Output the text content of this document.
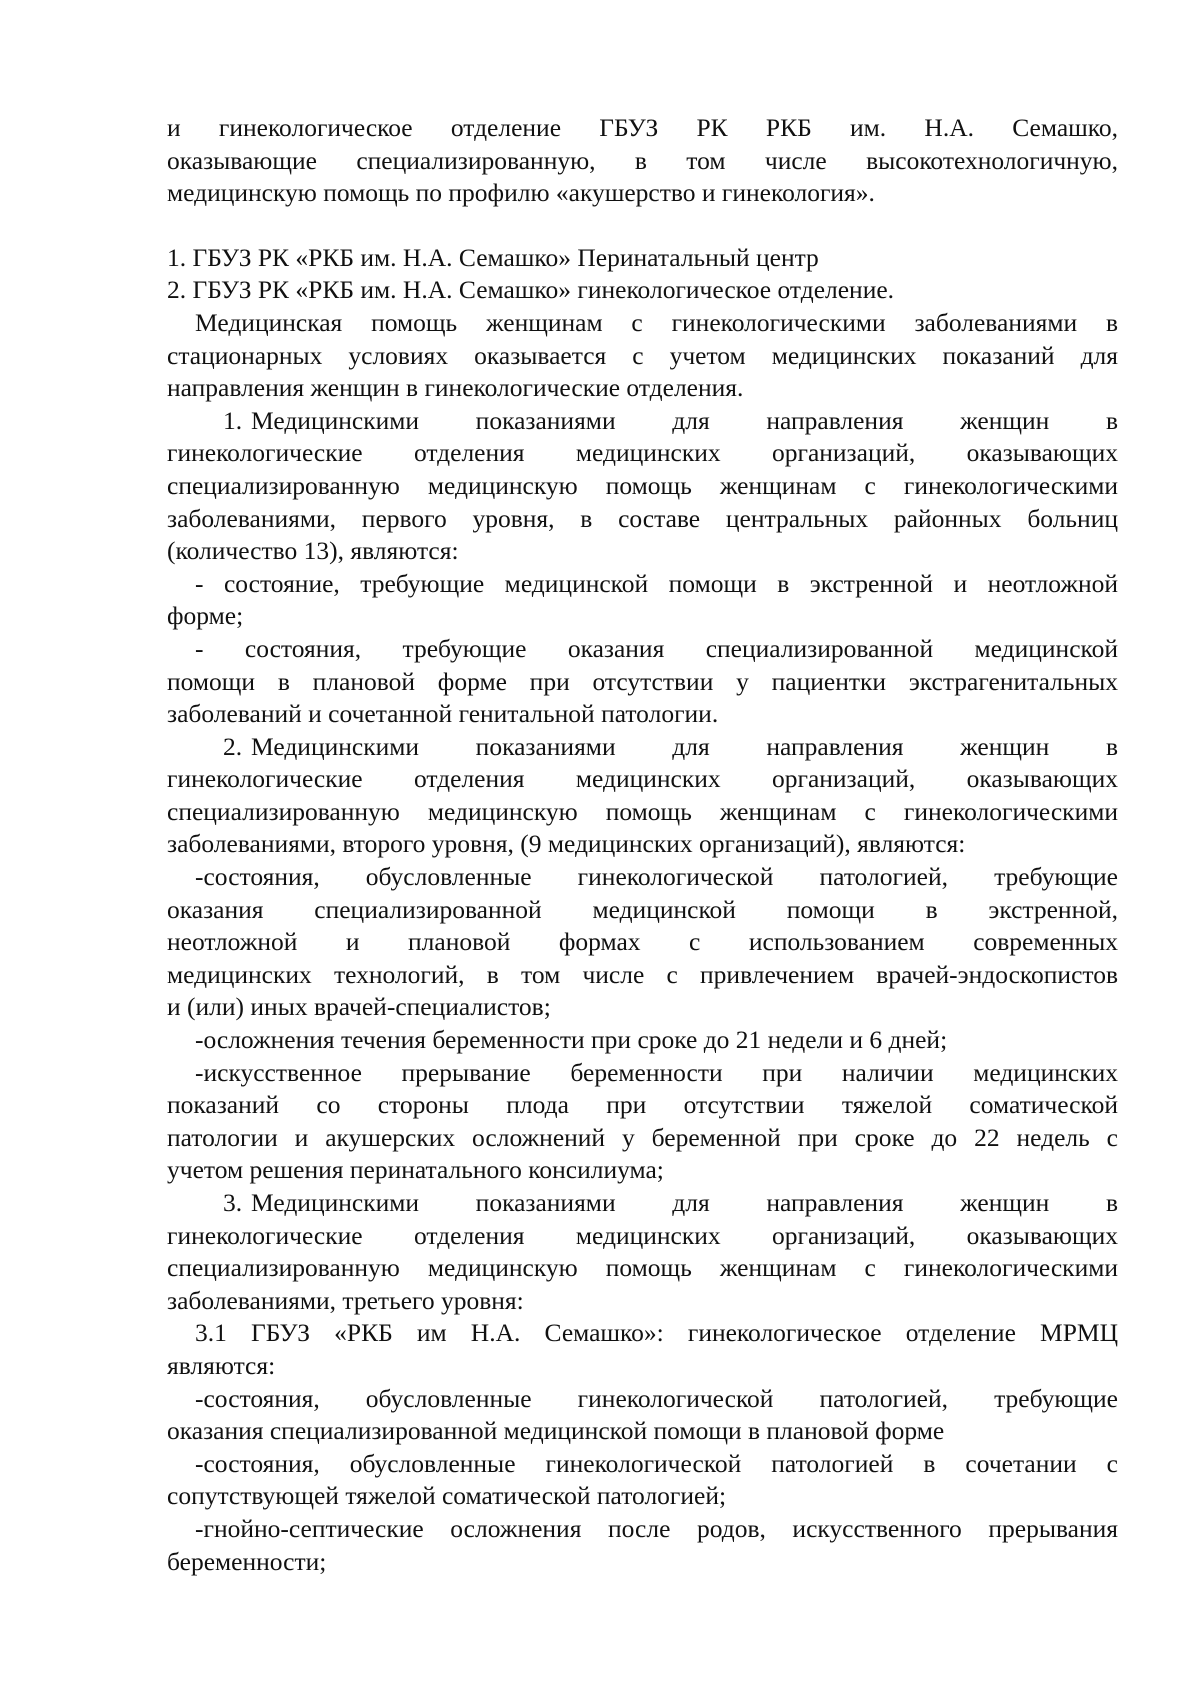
и гинекологическое отделение ГБУЗ РК РКБ им. Н.А. Семашко,

оказывающие специализированную, в том числе высокотехнологичную,

медицинскую помощь по профилю «акушерство и гинекология».

1. ГБУЗ РК «РКБ им. Н.А. Семашко» Перинатальный центр

2. ГБУЗ РК «РКБ им. Н.А. Семашко» гинекологическое отделение.

Медицинская помощь женщинам с гинекологическими заболеваниями в

стационарных условиях оказывается с учетом медицинских показаний для

направления женщин в гинекологические отделения.

1. Медицинскими показаниями для направления женщин в

гинекологические отделения медицинских организаций, оказывающих

специализированную медицинскую помощь женщинам с гинекологическими

заболеваниями, первого уровня, в составе центральных районных больниц

(количество 13), являются:

- состояние, требующие медицинской помощи в экстренной и неотложной

форме;

- состояния, требующие оказания специализированной медицинской

помощи в плановой форме при отсутствии у пациентки экстрагенитальных

заболеваний и сочетанной генитальной патологии.

2. Медицинскими показаниями для направления женщин в

гинекологические отделения медицинских организаций, оказывающих

специализированную медицинскую помощь женщинам с гинекологическими

заболеваниями, второго уровня, (9 медицинских организаций), являются:

-состояния, обусловленные гинекологической патологией, требующие

оказания специализированной медицинской помощи в экстренной,

неотложной и плановой формах с использованием современных

медицинских технологий, в том числе с привлечением врачей-эндоскопистов

и (или) иных врачей-специалистов;

-осложнения течения беременности при сроке до 21 недели и 6 дней;

-искусственное прерывание беременности при наличии медицинских

показаний со стороны плода при отсутствии тяжелой соматической

патологии и акушерских осложнений у беременной при сроке до 22 недель с

учетом решения перинатального консилиума;

3. Медицинскими показаниями для направления женщин в

гинекологические отделения медицинских организаций, оказывающих

специализированную медицинскую помощь женщинам с гинекологическими

заболеваниями, третьего уровня:

3.1 ГБУЗ «РКБ им Н.А. Семашко»: гинекологическое отделение МРМЦ

являются:

-состояния, обусловленные гинекологической патологией, требующие

оказания специализированной медицинской помощи в плановой форме

-состояния, обусловленные гинекологической патологией в сочетании с

сопутствующей тяжелой соматической патологией;

-гнойно-септические осложнения после родов, искусственного прерывания

беременности;
